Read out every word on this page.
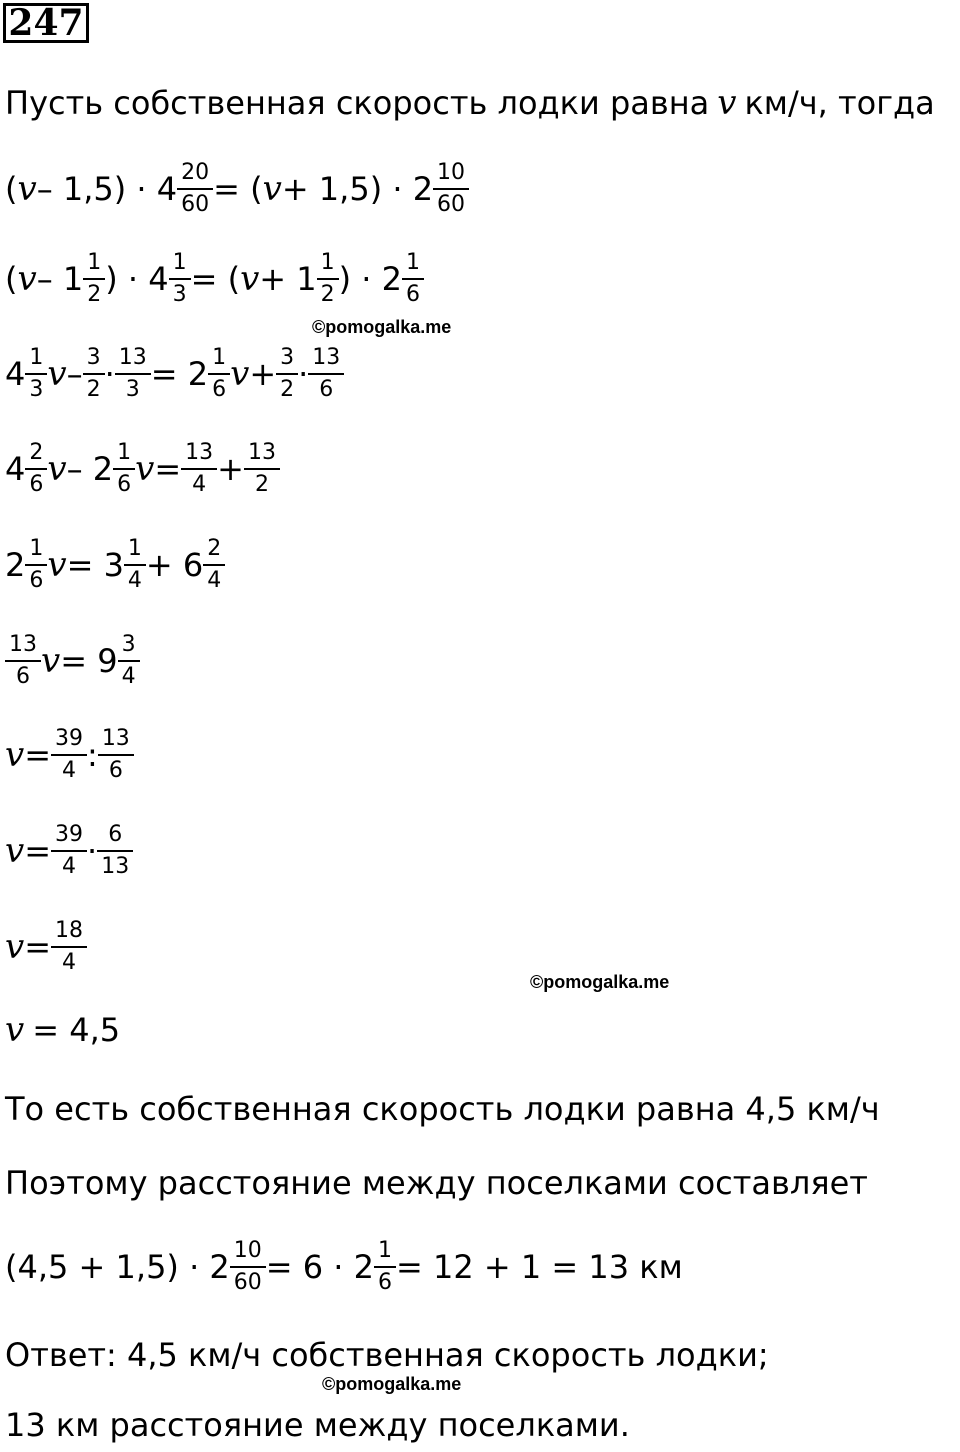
247
Пусть собственная скорость лодки равна v км/ч, тогда
( $v - 1,5) \cdot 4 \frac{20}{60}$ = ( $v + 1,5) \cdot 2 \frac{10}{60}$
( v – $1 \frac{1}{2}$ ) · $4 \frac{1}{3}$ = ( $v + 1 \frac{1}{2}$ ) · $2 \frac{1}{6}$
©pomogalka.me
$4 \frac{1}{3}$ $v - \frac{3}{2} \cdot \frac{13}{3} = 2 \frac{1}{6}$ $v + \frac{3}{2} \cdot \frac{13}{6}$
$4 \frac{2}{6}$ v – $2 \frac{1}{6}$ $v = \frac{13}{4} + \frac{13}{2}$
$2 \frac{1}{6}$ $v = 3 \frac{1}{4} + 6 \frac{2}{4}$
$\frac{13}{6}$ $v = 9 \frac{3}{4}$
$v = \frac{39}{4}$ : $\frac{13}{6}$
$v = \frac{39}{4} \cdot \frac{6}{13}$
$v = \frac{18}{4}$
©pomogalka.me
v = 4,5
То есть собственная скорость лодки равна 4,5 км/ч
Поэтому расстояние между поселками составляет
$(4,5 + 1,5) \cdot 2 \frac{10}{60} = 6 \cdot 2 \frac{1}{6} = 12 + 1 = 13$ км
Ответ: 4,5 км/ч собственная скорость лодки;
©pomogalka.me
13 км расстояние между поселками.
